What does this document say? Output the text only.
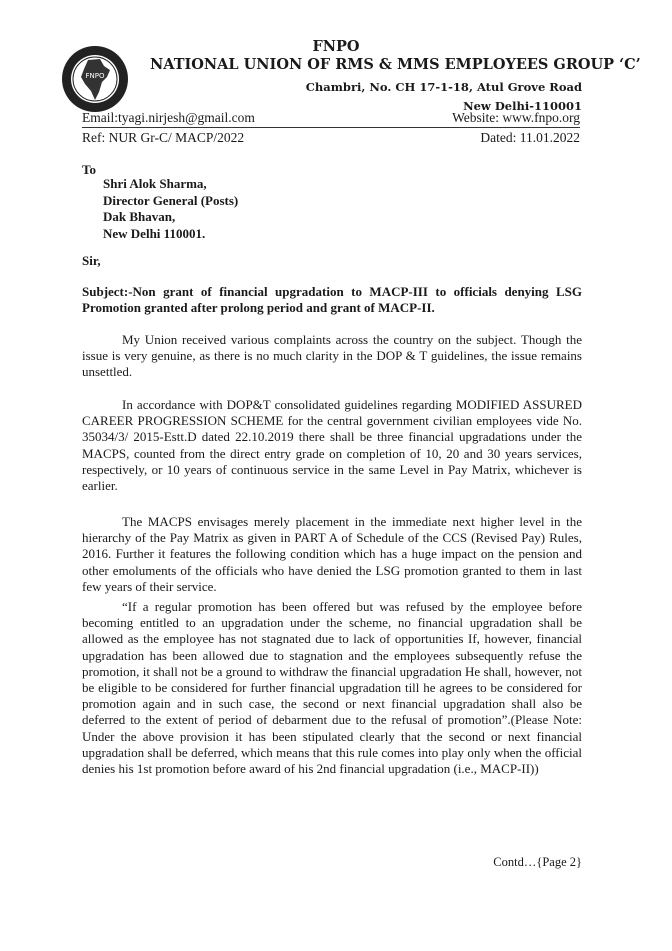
FNPO
FNPO
NATIONAL UNION OF RMS & MMS EMPLOYEES GROUP ‘C’
Chambri, No. CH 17-1-18, Atul Grove Road
New Delhi-110001
Email:tyagi.nirjesh@gmail.com	Website: www.fnpo.org
Ref: NUR Gr-C/ MACP/2022	Dated: 11.01.2022
To
Shri Alok Sharma,
Director General (Posts)
Dak Bhavan,
New Delhi 110001.
Sir,
Subject:-Non grant of financial upgradation to MACP-III to officials denying LSG Promotion granted after prolong period and grant of MACP-II.

My Union received various complaints across the country on the subject. Though the issue is very genuine, as there is no much clarity in the DOP & T guidelines, the issue remains unsettled.

In accordance with DOP&T consolidated guidelines regarding MODIFIED ASSURED CAREER PROGRESSION SCHEME for the central government civilian employees vide No. 35034/3/ 2015-Estt.D dated 22.10.2019 there shall be three financial upgradations under the MACPS, counted from the direct entry grade on completion of 10, 20 and 30 years services, respectively, or 10 years of continuous service in the same Level in Pay Matrix, whichever is earlier.

The MACPS envisages merely placement in the immediate next higher level in the hierarchy of the Pay Matrix as given in PART A of Schedule of the CCS (Revised Pay) Rules, 2016. Further it features the following condition which has a huge impact on the pension and other emoluments of the officials who have denied the LSG promotion granted to them in last few years of their service.

“If a regular promotion has been offered but was refused by the employee before becoming entitled to an upgradation under the scheme, no financial upgradation shall be allowed as the employee has not stagnated due to lack of opportunities If, however, financial upgradation has been allowed due to stagnation and the employees subsequently refuse the promotion, it shall not be a ground to withdraw the financial upgradation He shall, however, not be eligible to be considered for further financial upgradation till he agrees to be considered for promotion again and in such case, the second or next financial upgradation shall also be deferred to the extent of period of debarment due to the refusal of promotion”.(Please Note: Under the above provision it has been stipulated clearly that the second or next financial upgradation shall be deferred, which means that this rule comes into play only when the official denies his 1st promotion before award of his 2nd financial upgradation (i.e., MACP-II))

Contd…{Page 2}
